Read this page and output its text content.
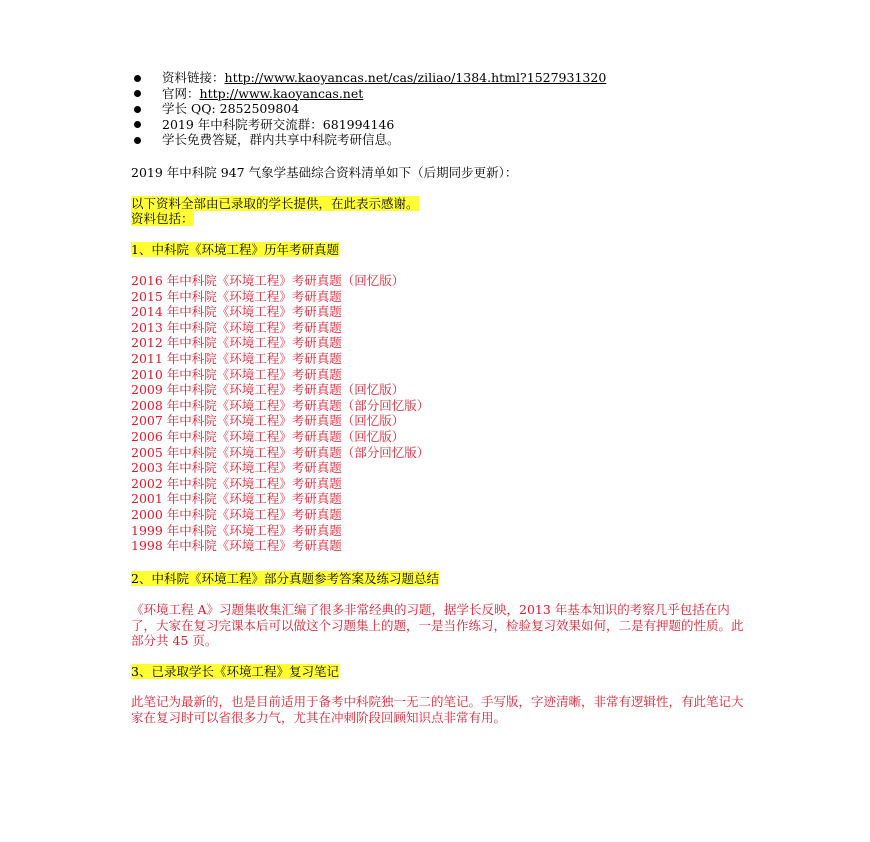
资料链接：http://www.kaoyancas.net/cas/ziliao/1384.html?1527931320
官网：http://www.kaoyancas.net
学长 QQ: 2852509804
2019 年中科院考研交流群：681994146
学长免费答疑，群内共享中科院考研信息。
2019 年中科院 947 气象学基础综合资料清单如下（后期同步更新）：
以下资料全部由已录取的学长提供，在此表示感谢。
资料包括：
1、中科院《环境工程》历年考研真题
2016 年中科院《环境工程》考研真题（回忆版）
2015 年中科院《环境工程》考研真题
2014 年中科院《环境工程》考研真题
2013 年中科院《环境工程》考研真题
2012 年中科院《环境工程》考研真题
2011 年中科院《环境工程》考研真题
2010 年中科院《环境工程》考研真题
2009 年中科院《环境工程》考研真题（回忆版）
2008 年中科院《环境工程》考研真题（部分回忆版）
2007 年中科院《环境工程》考研真题（回忆版）
2006 年中科院《环境工程》考研真题（回忆版）
2005 年中科院《环境工程》考研真题（部分回忆版）
2003 年中科院《环境工程》考研真题
2002 年中科院《环境工程》考研真题
2001 年中科院《环境工程》考研真题
2000 年中科院《环境工程》考研真题
1999 年中科院《环境工程》考研真题
1998 年中科院《环境工程》考研真题
2、中科院《环境工程》部分真题参考答案及练习题总结
《环境工程 A》习题集收集汇编了很多非常经典的习题，据学长反映，2013 年基本知识的考察几乎包括在内了，大家在复习完课本后可以做这个习题集上的题，一是当作练习，检验复习效果如何，二是有押题的性质。此部分共 45 页。
3、已录取学长《环境工程》复习笔记
此笔记为最新的，也是目前适用于备考中科院独一无二的笔记。手写版，字迹清晰，非常有逻辑性，有此笔记大家在复习时可以省很多力气，尤其在冲刺阶段回顾知识点非常有用。
